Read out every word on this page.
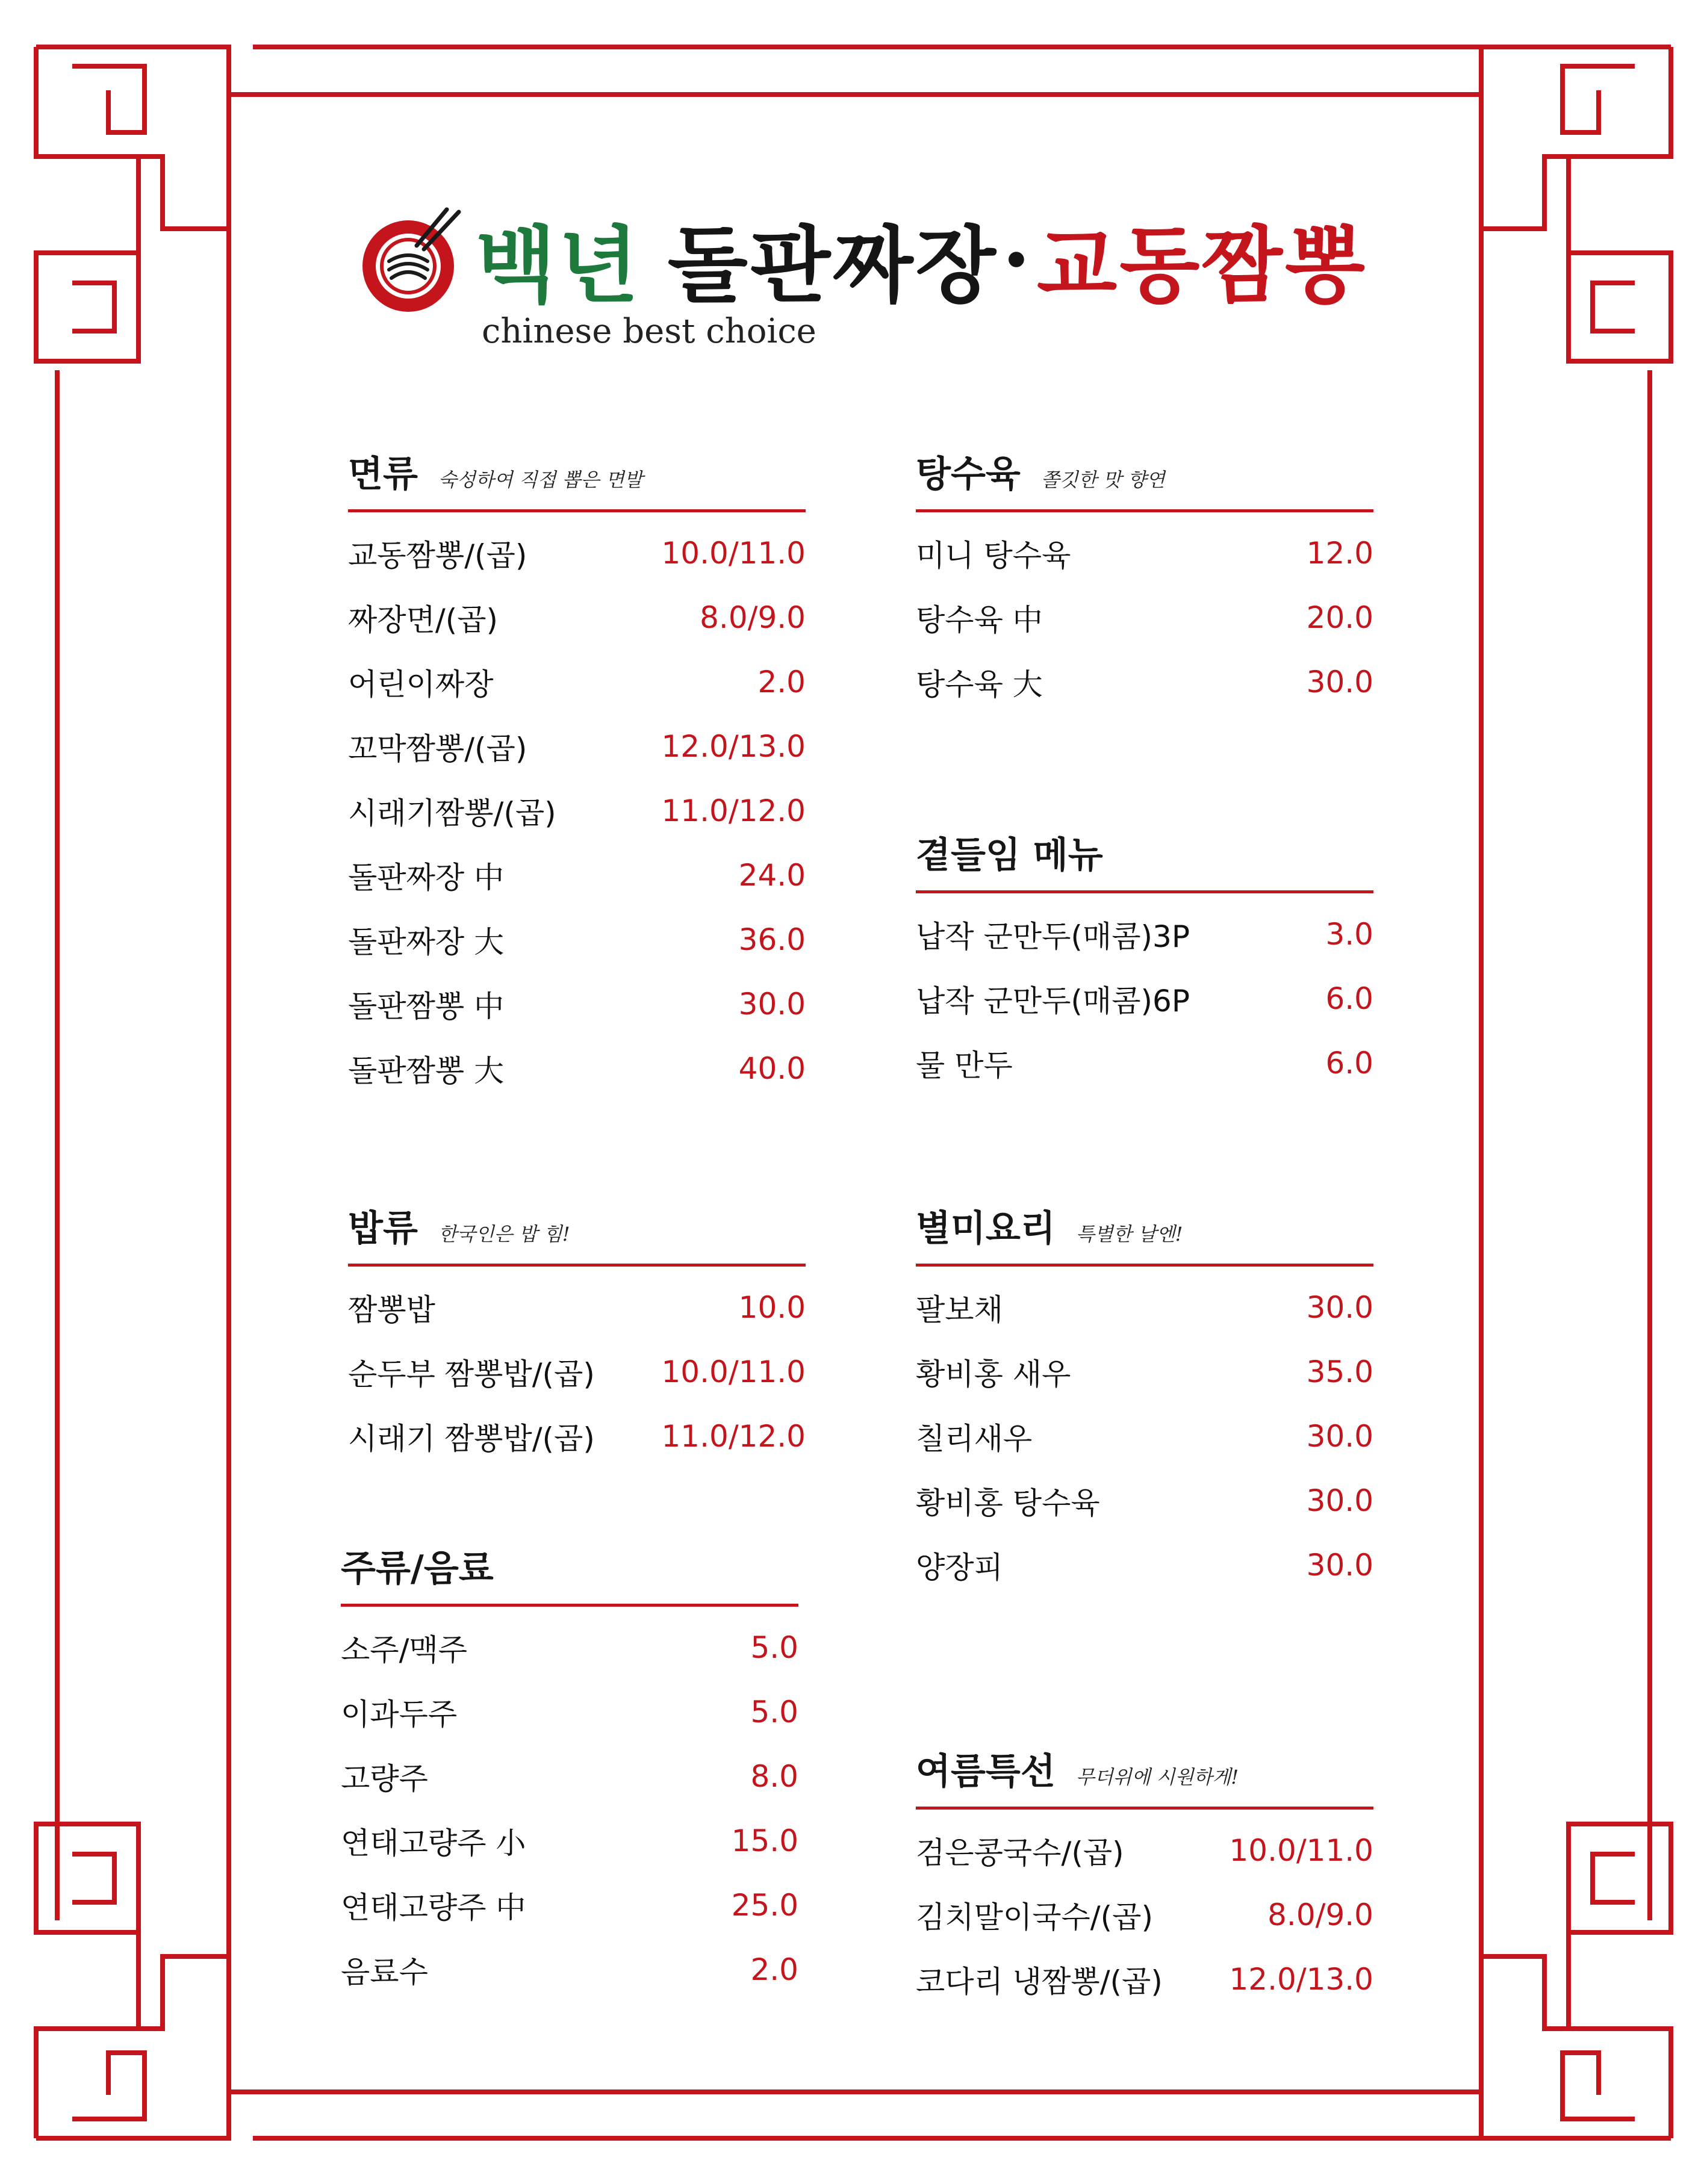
백년 돌판짜장 · 교동짬뽕
chinese best choice
면류 숙성하여 직접 뽑은 면발
교동짬뽕/(곱)	10.0/11.0
짜장면/(곱)	8.0/9.0
어린이짜장	2.0
꼬막짬뽕/(곱)	12.0/13.0
시래기짬뽕/(곱)	11.0/12.0
돌판짜장 中	24.0
돌판짜장 大	36.0
돌판짬뽕 中	30.0
돌판짬뽕 大	40.0
탕수육 쫄깃한 맛 향연
미니 탕수육	12.0
탕수육 中	20.0
탕수육 大	30.0
곁들임 메뉴
납작 군만두(매콤)3P	3.0
납작 군만두(매콤)6P	6.0
물 만두	6.0
밥류 한국인은 밥 힘!
짬뽕밥	10.0
순두부 짬뽕밥/(곱) 10.0/11.0
시래기 짬뽕밥/(곱) 11.0/12.0
별미요리 특별한 날엔!
팔보채	30.0
황비홍 새우	35.0
칠리새우	30.0
황비홍 탕수육	30.0
양장피	30.0
주류/음료
소주/맥주	5.0
이과두주	5.0
고량주	8.0
연태고량주 小	15.0
연태고량주 中	25.0
음료수	2.0
여름특선 무더위에 시원하게!
검은콩국수/(곱)	10.0/11.0
김치말이국수/(곱)	8.0/9.0
코다리 냉짬뽕/(곱) 12.0/13.0
